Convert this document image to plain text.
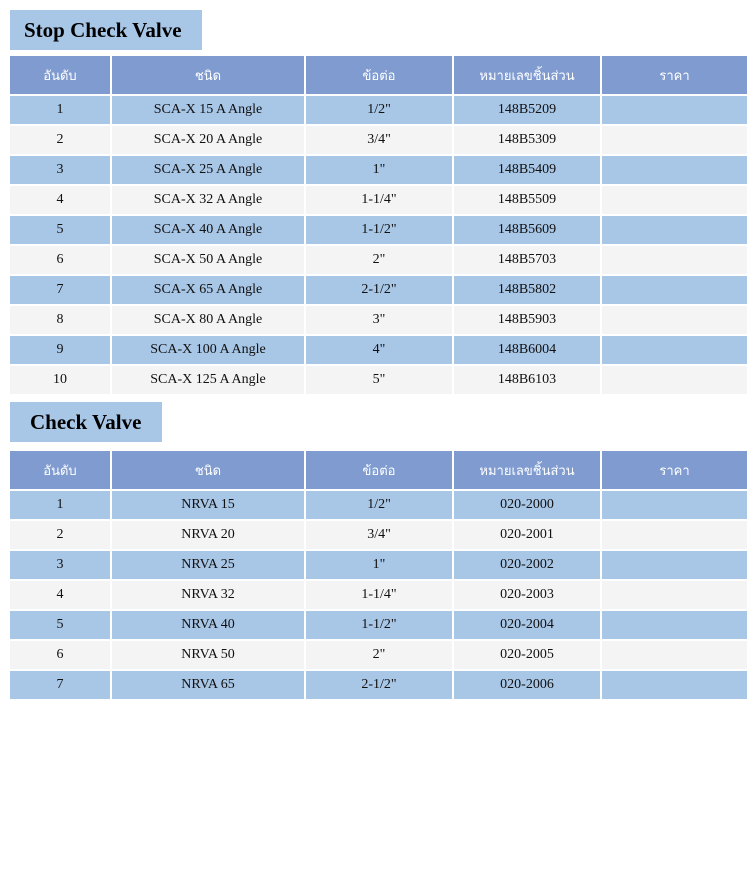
Stop Check Valve
อันดับ	ชนิด	ข้อต่อ	หมายเลขชิ้นส่วน	ราคา
1	SCA-X 15 A Angle	1/2"	148B5209	
2	SCA-X 20 A Angle	3/4"	148B5309	
3	SCA-X 25 A Angle	1"	148B5409	
4	SCA-X 32 A Angle	1-1/4"	148B5509	
5	SCA-X 40 A Angle	1-1/2"	148B5609	
6	SCA-X 50 A Angle	2"	148B5703	
7	SCA-X 65 A Angle	2-1/2"	148B5802	
8	SCA-X 80 A Angle	3"	148B5903	
9	SCA-X 100 A Angle	4"	148B6004	
10	SCA-X 125 A Angle	5"	148B6103	
Check Valve
อันดับ	ชนิด	ข้อต่อ	หมายเลขชิ้นส่วน	ราคา
1	NRVA 15	1/2"	020-2000	
2	NRVA 20	3/4"	020-2001	
3	NRVA 25	1"	020-2002	
4	NRVA 32	1-1/4"	020-2003	
5	NRVA 40	1-1/2"	020-2004	
6	NRVA 50	2"	020-2005	
7	NRVA 65	2-1/2"	020-2006	
